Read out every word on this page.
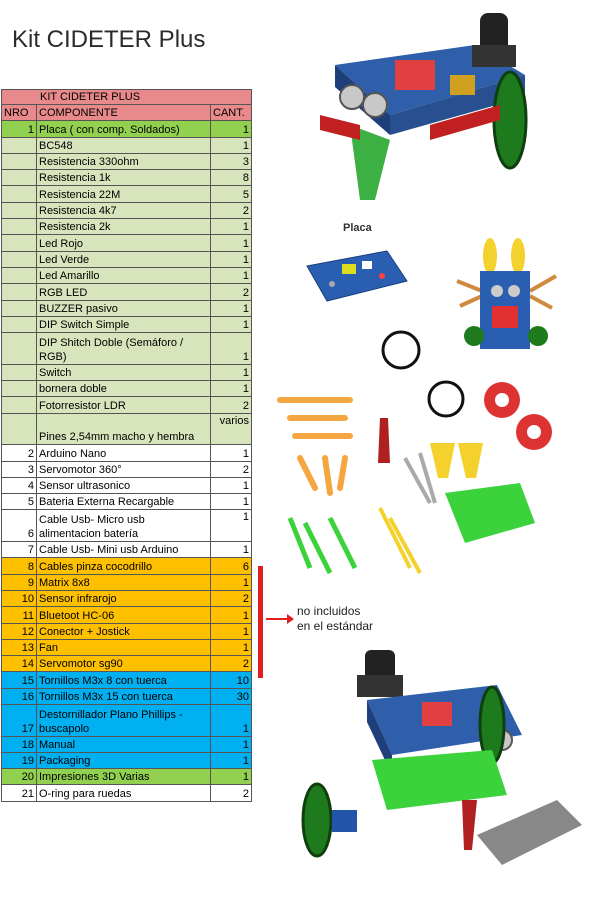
Kit CIDETER Plus
KIT CIDETER PLUS		
NRO	COMPONENTE	CANT.
1	Placa ( con comp. Soldados)	1
	BC548	1
	Resistencia 330ohm	3
	Resistencia 1k	8
	Resistencia 22M	5
	Resistencia 4k7	2
	Resistencia 2k	1
	Led Rojo	1
	Led Verde	1
	Led Amarillo	1
	RGB LED	2
	BUZZER pasivo	1
	DIP Switch Simple	1
	DIP Shitch Doble (Semáforo / RGB)	1
	Switch	1
	bornera doble	1
	Fotorresistor LDR	2
	Pines 2,54mm macho y hembra	varios
2	Arduino Nano	1
3	Servomotor 360°	2
4	Sensor ultrasonico	1
5	Bateria Externa Recargable	1
6	Cable Usb- Micro usb alimentacion batería	1
7	Cable Usb- Mini usb Arduino	1
8	Cables pinza cocodrillo	6
9	Matrix 8x8	1
10	Sensor infrarojo	2
11	Bluetoot HC-06	1
12	Conector + Jostick	1
13	Fan	1
14	Servomotor sg90	2
15	Tornillos M3x 8 con tuerca	10
16	Tornillos M3x 15 con tuerca	30
17	Destornillador Plano Phillips - buscapolo	1
18	Manual	1
19	Packaging	1
20	Impresiones 3D Varias	1
21	O-ring para ruedas	2
no incluidos
en el estándar
Placa
